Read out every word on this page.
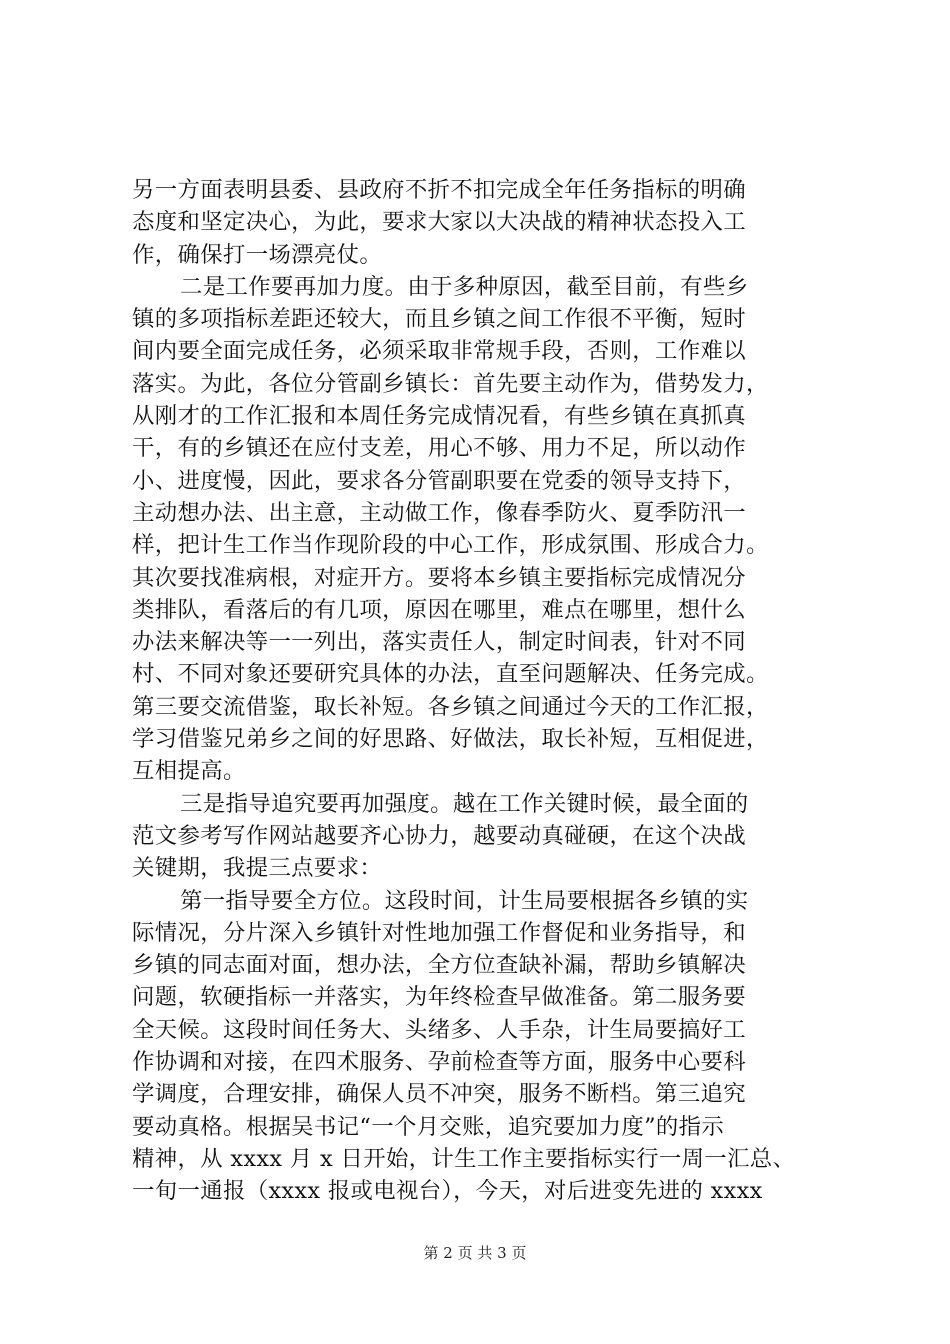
另一方面表明县委、县政府不折不扣完成全年任务指标的明确
态度和坚定决心，为此，要求大家以大决战的精神状态投入工
作，确保打一场漂亮仗。
二是工作要再加力度。由于多种原因，截至目前，有些乡
镇的多项指标差距还较大，而且乡镇之间工作很不平衡，短时
间内要全面完成任务，必须采取非常规手段，否则，工作难以
落实。为此，各位分管副乡镇长：首先要主动作为，借势发力，
从刚才的工作汇报和本周任务完成情况看，有些乡镇在真抓真
干，有的乡镇还在应付支差，用心不够、用力不足，所以动作
小、进度慢，因此，要求各分管副职要在党委的领导支持下，
主动想办法、出主意，主动做工作，像春季防火、夏季防汛一
样，把计生工作当作现阶段的中心工作，形成氛围、形成合力。
其次要找准病根，对症开方。要将本乡镇主要指标完成情况分
类排队，看落后的有几项，原因在哪里，难点在哪里，想什么
办法来解决等一一列出，落实责任人，制定时间表，针对不同
村、不同对象还要研究具体的办法，直至问题解决、任务完成。
第三要交流借鉴，取长补短。各乡镇之间通过今天的工作汇报，
学习借鉴兄弟乡之间的好思路、好做法，取长补短，互相促进，
互相提高。
三是指导追究要再加强度。越在工作关键时候，最全面的
范文参考写作网站越要齐心协力，越要动真碰硬，在这个决战
关键期，我提三点要求：
第一指导要全方位。这段时间，计生局要根据各乡镇的实
际情况，分片深入乡镇针对性地加强工作督促和业务指导，和
乡镇的同志面对面，想办法，全方位查缺补漏，帮助乡镇解决
问题，软硬指标一并落实，为年终检查早做准备。第二服务要
全天候。这段时间任务大、头绪多、人手杂，计生局要搞好工
作协调和对接，在四术服务、孕前检查等方面，服务中心要科
学调度，合理安排，确保人员不冲突，服务不断档。第三追究
要动真格。根据吴书记“一个月交账，追究要加力度”的指示
精神，从 xxxx 月 x 日开始，计生工作主要指标实行一周一汇总、
一旬一通报（xxxx 报或电视台），今天，对后进变先进的 xxxx
第 2 页 共 3 页
